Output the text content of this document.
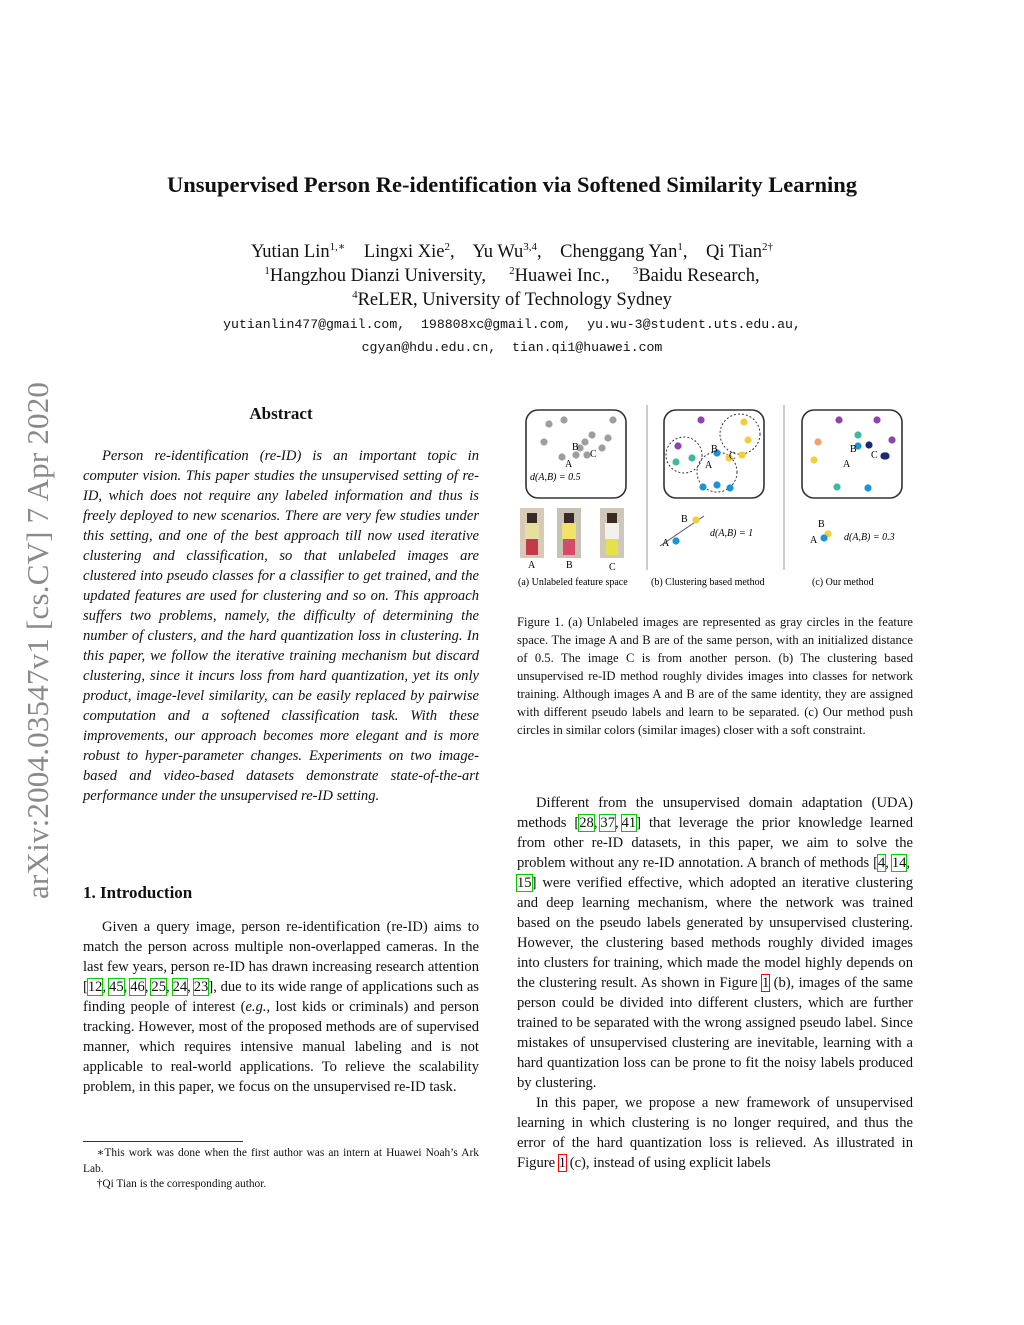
arXiv:2004.03547v1 [cs.CV] 7 Apr 2020
Unsupervised Person Re-identification via Softened Similarity Learning
Yutian Lin$^{1,∗}$ Lingxi Xie$^2$,    Yu Wu$^{3,4}$,    Chenggang Yan$^1$,    Qi Tian$^{2\dagger}$
$^1$Hangzhou Dianzi University, $^2$Huawei Inc., $^3$Baidu Research,
$^4$ReLER, University of Technology Sydney
yutianlin477@gmail.com,  198808xc@gmail.com,  yu.wu-3@student.uts.edu.au,
cgyan@hdu.edu.cn,  tian.qi1@huawei.com
Abstract

Person re-identification (re-ID) is an important topic in computer vision. This paper studies the unsupervised setting of re-ID, which does not require any labeled information and thus is freely deployed to new scenarios. There are very few studies under this setting, and one of the best approach till now used iterative clustering and classification, so that unlabeled images are clustered into pseudo classes for a classifier to get trained, and the updated features are used for clustering and so on. This approach suffers two problems, namely, the difficulty of determining the number of clusters, and the hard quantization loss in clustering. In this paper, we follow the iterative training mechanism but discard clustering, since it incurs loss from hard quantization, yet its only product, image-level similarity, can be easily replaced by pairwise computation and a softened classification task. With these improvements, our approach becomes more elegant and is more robust to hyper-parameter changes. Experiments on two image-based and video-based datasets demonstrate state-of-the-art performance under the unsupervised re-ID setting.

1. Introduction

Given a query image, person re-identification (re-ID) aims to match the person across multiple non-overlapped cameras. In the last few years, person re-ID has drawn increasing research attention [12, 45, 46, 25, 24, 23], due to its wide range of applications such as finding people of interest (e.g., lost kids or criminals) and person tracking. However, most of the proposed methods are of supervised manner, which requires intensive manual labeling and is not applicable to real-world applications. To relieve the scalability problem, in this paper, we focus on the unsupervised re-ID task.

∗This work was done when the first author was an intern at Huawei Noah’s Ark Lab.
†Qi Tian is the corresponding author.
B
C
A
d(A,B) = 0.5
A	B	C
(a) Unlabeled feature space
B
C
A
B
A
d(A,B) = 1
(b) Clustering based method
B
C
A
B
A	d(A,B) = 0.3
(c) Our method
Figure 1. (a) Unlabeled images are represented as gray circles in the feature space. The image A and B are of the same person, with an initialized distance of 0.5. The image C is from another person. (b) The clustering based unsupervised re-ID method roughly divides images into classes for network training. Although images A and B are of the same identity, they are assigned with different pseudo labels and learn to be separated. (c) Our method push circles in similar colors (similar images) closer with a soft constraint.

Different from the unsupervised domain adaptation (UDA) methods [28, 37, 41] that leverage the prior knowledge learned from other re-ID datasets, in this paper, we aim to solve the problem without any re-ID annotation. A branch of methods [4, 14, 15] were verified effective, which adopted an iterative clustering and deep learning mechanism, where the network was trained based on the pseudo labels generated by unsupervised clustering. However, the clustering based methods roughly divided images into clusters for training, which made the model highly depends on the clustering result. As shown in Figure 1 (b), images of the same person could be divided into different clusters, which are further trained to be separated with the wrong assigned pseudo label. Since mistakes of unsupervised clustering are inevitable, learning with a hard quantization loss can be prone to fit the noisy labels produced by clustering.

In this paper, we propose a new framework of unsupervised learning in which clustering is no longer required, and thus the error of the hard quantization loss is relieved. As illustrated in Figure 1 (c), instead of using explicit labels
